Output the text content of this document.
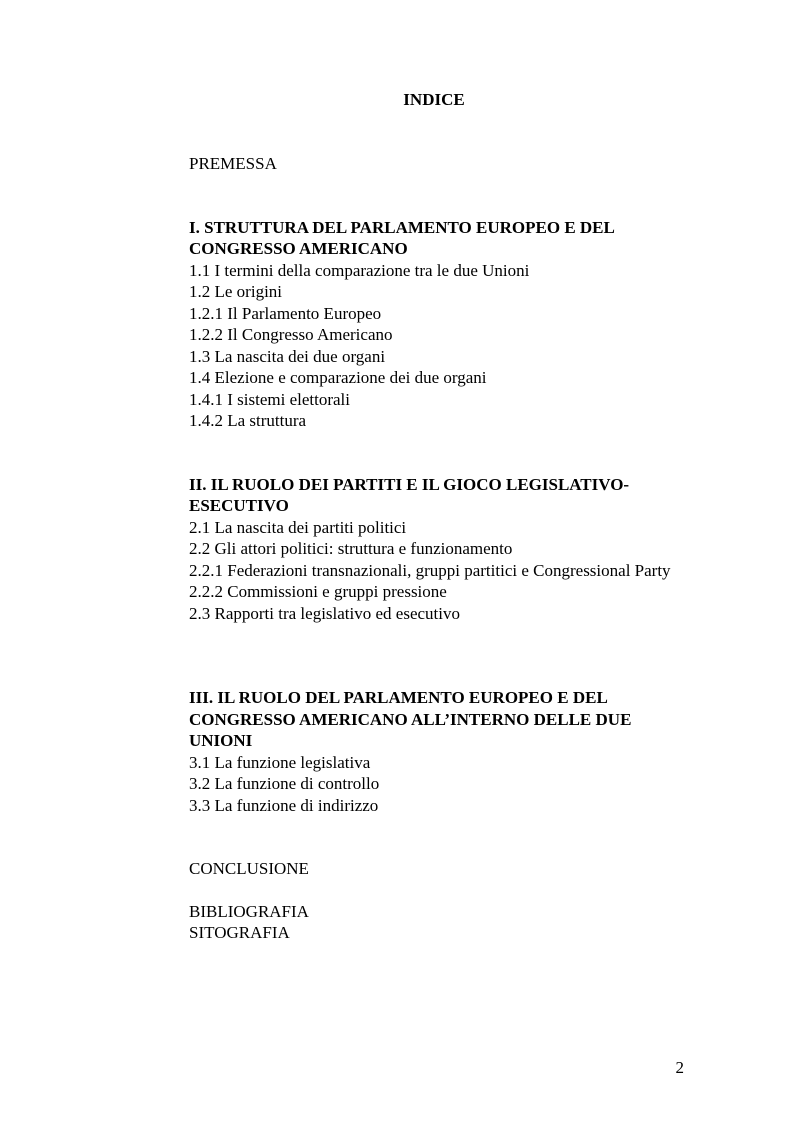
INDICE
PREMESSA
I. STRUTTURA DEL PARLAMENTO EUROPEO E DEL CONGRESSO AMERICANO
1.1 I termini della comparazione tra le due Unioni
1.2 Le origini
1.2.1 Il Parlamento Europeo
1.2.2 Il Congresso Americano
1.3 La nascita dei due organi
1.4 Elezione e comparazione dei due organi
1.4.1 I sistemi elettorali
1.4.2 La struttura
II. IL RUOLO DEI PARTITI E IL GIOCO LEGISLATIVO-ESECUTIVO
2.1 La nascita dei partiti politici
2.2 Gli attori politici: struttura e funzionamento
2.2.1 Federazioni transnazionali, gruppi partitici e Congressional Party
2.2.2 Commissioni e gruppi pressione
2.3 Rapporti tra legislativo ed esecutivo
III. IL RUOLO DEL PARLAMENTO EUROPEO E DEL CONGRESSO AMERICANO ALL’INTERNO DELLE DUE UNIONI
3.1 La funzione legislativa
3.2 La funzione di controllo
3.3 La funzione di indirizzo
CONCLUSIONE
BIBLIOGRAFIA
SITOGRAFIA
2
